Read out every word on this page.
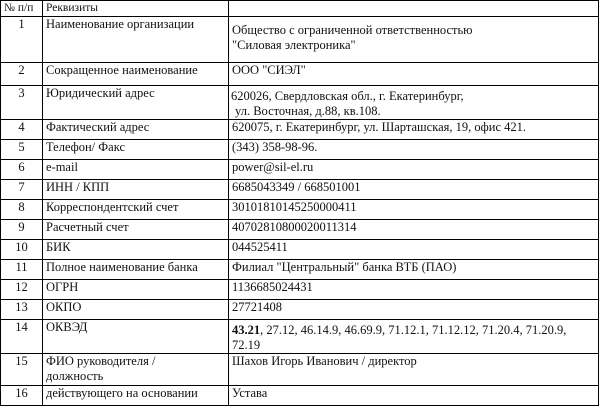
№ п/п	Реквизиты	
1	Наименование организации	Общество с ограниченной ответственностью
"Силовая электроника"

2	Сокращенное наименование	ООО "СИЭЛ"
3	Юридический адрес	620026, Свердловская обл., г. Екатеринбург,
ул. Восточная, д.88, кв.108.

4	Фактический адрес	620075, г. Екатеринбург, ул. Шарташская, 19, офис 421.
5	Телефон/ Факс	(343) 358-98-96.
6	e-mail	power@sil-el.ru
7	ИНН / КПП	6685043349 / 668501001
8	Корреспондентский счет	30101810145250000411
9	Расчетный счет	40702810800020011314
10	БИК	044525411
11	Полное наименование банка	Филиал "Центральный" банка ВТБ (ПАО)
12	ОГРН	1136685024431
13	ОКПО	27721408
14	ОКВЭД	43.21, 27.12, 46.14.9, 46.69.9, 71.12.1, 71.12.12, 71.20.4, 71.20.9,
72.19

15	ФИО руководителя /
должность	Шахов Игорь Иванович / директор
16	действующего на основании	Устава
